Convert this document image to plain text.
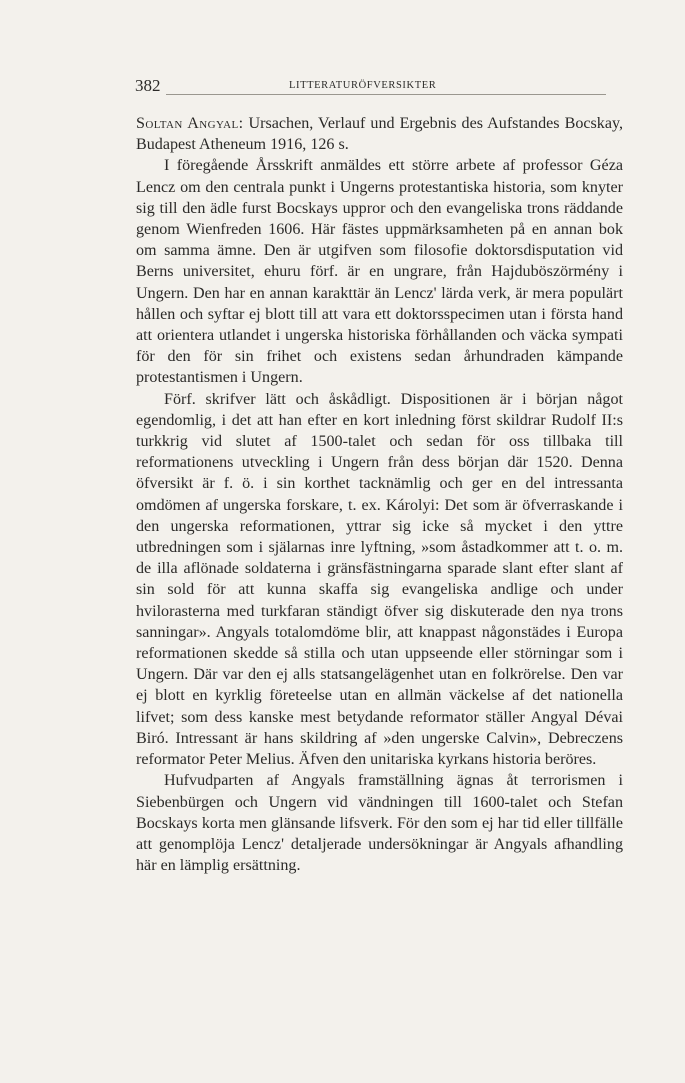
382	LITTERATURÖFVERSIKTER

Soltan Angyal: Ursachen, Verlauf und Ergebnis des Aufstandes Bocskay, Budapest Atheneum 1916, 126 s.

I föregående Årsskrift anmäldes ett större arbete af professor Géza Lencz om den centrala punkt i Ungerns protestantiska historia, som knyter sig till den ädle furst Bocskays uppror och den evangeliska trons räddande genom Wienfreden 1606. Här fästes uppmärksamheten på en annan bok om samma ämne. Den är utgifven som filosofie doktorsdisputation vid Berns universitet, ehuru förf. är en ungrare, från Hajduböszörmény i Ungern. Den har en annan karakttär än Lencz' lärda verk, är mera populärt hållen och syftar ej blott till att vara ett doktorsspecimen utan i första hand att orientera utlandet i ungerska historiska förhållanden och väcka sympati för den för sin frihet och existens sedan århundraden kämpande protestantismen i Ungern.

Förf. skrifver lätt och åskådligt. Dispositionen är i början något egendomlig, i det att han efter en kort inledning först skildrar Rudolf II:s turkkrig vid slutet af 1500-talet och sedan för oss tillbaka till reformationens utveckling i Ungern från dess början där 1520. Denna öfversikt är f. ö. i sin korthet tacknämlig och ger en del intressanta omdömen af ungerska forskare, t. ex. Károlyi: Det som är öfverraskande i den ungerska reformationen, yttrar sig icke så mycket i den yttre utbredningen som i själarnas inre lyftning, »som åstadkommer att t. o. m. de illa aflönade soldaterna i gränsfästningarna sparade slant efter slant af sin sold för att kunna skaffa sig evangeliska andlige och under hvilorasterna med turkfaran ständigt öfver sig diskuterade den nya trons sanningar». Angyals totalomdöme blir, att knappast någonstädes i Europa reformationen skedde så stilla och utan uppseende eller störningar som i Ungern. Där var den ej alls statsangelägenhet utan en folkrörelse. Den var ej blott en kyrklig företeelse utan en allmän väckelse af det nationella lifvet; som dess kanske mest betydande reformator ställer Angyal Dévai Biró. Intressant är hans skildring af »den ungerske Calvin», Debreczens reformator Peter Melius. Äfven den unitariska kyrkans historia beröres.

Hufvudparten af Angyals framställning ägnas åt terrorismen i Siebenbürgen och Ungern vid vändningen till 1600-talet och Stefan Bocskays korta men glänsande lifsverk. För den som ej har tid eller tillfälle att genomplöja Lencz' detaljerade undersökningar är Angyals afhandling här en lämplig ersättning.
